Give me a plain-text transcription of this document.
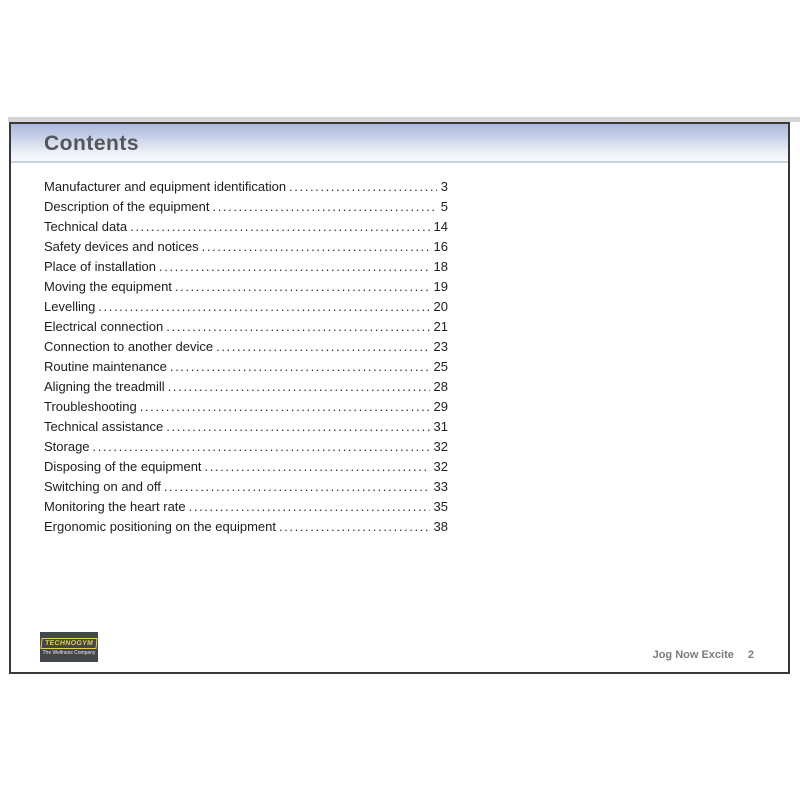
Contents
Manufacturer and equipment identification .....	3
Description of the equipment .....	5
Technical data .....	14
Safety devices and notices .....	16
Place of installation .....	18
Moving the equipment .....	19
Levelling .....	20
Electrical connection .....	21
Connection to another device .....	23
Routine maintenance .....	25
Aligning the treadmill .....	28
Troubleshooting .....	29
Technical assistance .....	31
Storage .....	32
Disposing of the equipment .....	32
Switching on and off .....	33
Monitoring the heart rate .....	35
Ergonomic positioning on the equipment .....	38
TECHNOGYM
The Wellness Company	Jog Now Excite 2
